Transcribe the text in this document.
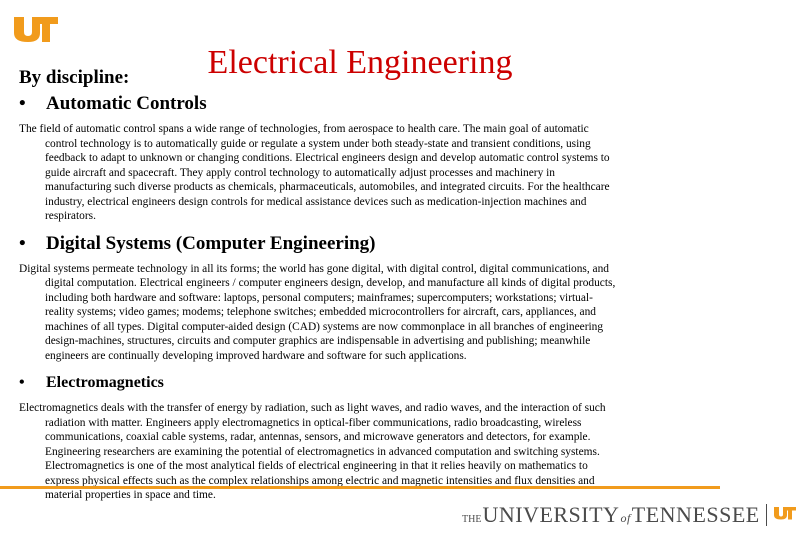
Electrical Engineering
By discipline:
•	Automatic Controls

The field of automatic control spans a wide range of technologies, from aerospace to health care. The main goal of automatic control technology is to automatically guide or regulate a system under both steady-state and transient conditions, using feedback to adapt to unknown or changing conditions. Electrical engineers design and develop automatic control systems to guide aircraft and spacecraft. They apply control technology to automatically adjust processes and machinery in manufacturing such diverse products as chemicals, pharmaceuticals, automobiles, and integrated circuits. For the healthcare industry, electrical engineers design controls for medical assistance devices such as medication-injection machines and respirators.

•	Digital Systems (Computer Engineering)

Digital systems permeate technology in all its forms; the world has gone digital, with digital control, digital communications, and digital computation. Electrical engineers / computer engineers design, develop, and manufacture all kinds of digital products, including both hardware and software: laptops, personal computers; mainframes; supercomputers; workstations; virtual-reality systems; video games; modems; telephone switches; embedded microcontrollers for aircraft, cars, appliances, and machines of all types. Digital computer-aided design (CAD) systems are now commonplace in all branches of engineering design-machines, structures, circuits and computer graphics are indispensable in advertising and publishing; meanwhile engineers are continually developing improved hardware and software for such applications.

•	Electromagnetics

Electromagnetics deals with the transfer of energy by radiation, such as light waves, and radio waves, and the interaction of such radiation with matter. Engineers apply electromagnetics in optical-fiber communications, radio broadcasting, wireless communications, coaxial cable systems, radar, antennas, sensors, and microwave generators and detectors, for example. Engineering researchers are examining the potential of electromagnetics in advanced computation and switching systems. Electromagnetics is one of the most analytical fields of electrical engineering in that it relies heavily on mathematics to express physical effects such as the complex relationships among electric and magnetic intensities and flux densities and material properties in space and time.

THE UNIVERSITY of TENNESSEE
